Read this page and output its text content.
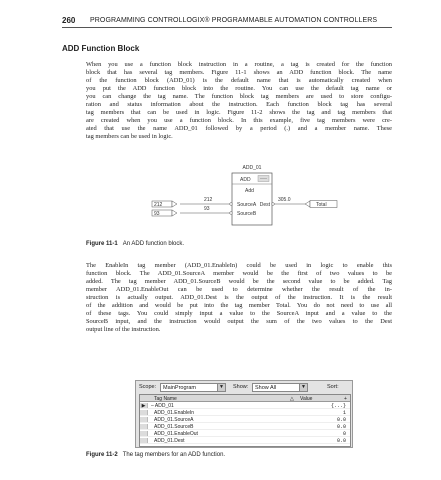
260 PROGRAMMING CONTROLLOGIX® PROGRAMMABLE AUTOMATION CONTROLLERS
ADD Function Block
When you use a function block instruction in a routine, a tag is created for the function
block that has several tag members. Figure 11-1 shows an ADD function block. The name
of the function block (ADD_01) is the default name that is automatically created when
you put the ADD function block into the routine. You can use the default tag name or
you can change the tag name. The function block tag members are used to store configu-
ration and status information about the instruction. Each function block tag has several
tag members that can be used in logic. Figure 11-2 shows the tag and tag members that
are created when you use a function block. In this example, five tag members were cre-
ated that use the name ADD_01 followed by a period (.) and a member name. These
tag members can be used in logic.
ADD_01
ADD
Add
SourceA
SourceB
Dest
212
93
212
93
305.0
Total
Figure 11-1 An ADD function block.
The EnableIn tag member (ADD_01.EnableIn) could be used in logic to enable this
function block. The ADD_01.SourceA member would be the first of two values to be
added. The tag member ADD_01.SourceB would be the second value to be added. Tag
member ADD_01.EnableOut can be used to determine whether the result of the in-
struction is actually output. ADD_01.Dest is the output of the instruction. It is the result
of the addition and would be put into the tag member Total. You do not need to use all
of these tags. You could simply input a value to the SourceA input and a value to the
SourceB input, and the instruction would output the sum of the two values to the Dest
output line of the instruction.
Scope: MainProgram	▼ Show: Show All	▼	Sort:
Tag Name	△ Value	+
▶	– ADD_01	{...}
ADD_01.EnableIn	1
ADD_01.SourceA	0.0
ADD_01.SourceB	0.0
ADD_01.EnableOut	0
ADD_01.Dest	0.0
Figure 11-2 The tag members for an ADD function.
